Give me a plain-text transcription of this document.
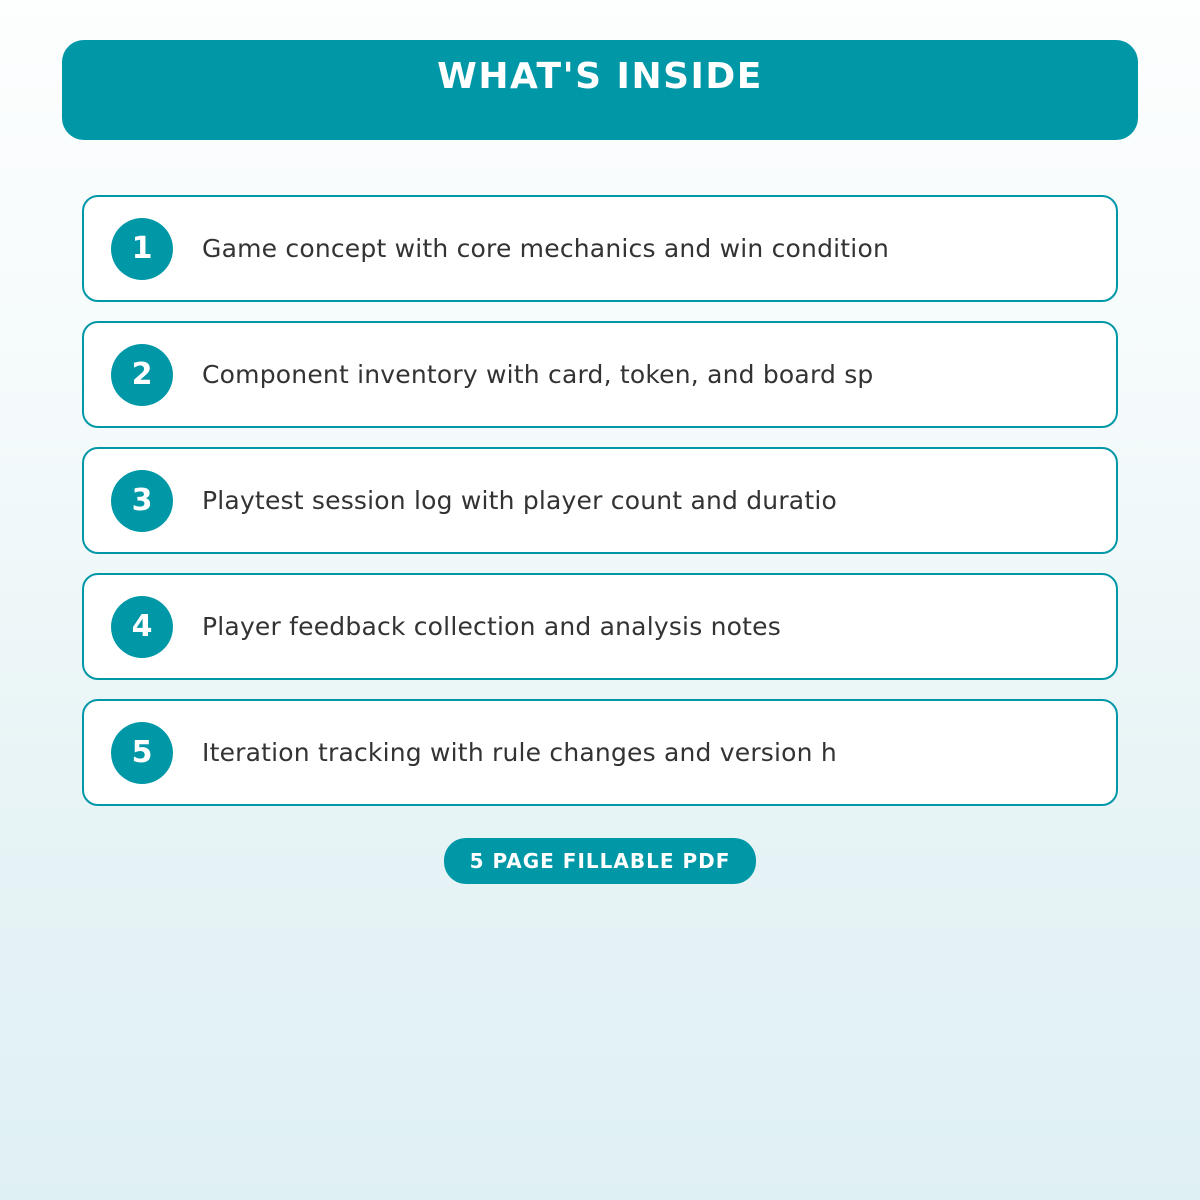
WHAT'S INSIDE
1	Game concept with core mechanics and win condition
2	Component inventory with card, token, and board sp
3	Playtest session log with player count and duratio
4	Player feedback collection and analysis notes
5	Iteration tracking with rule changes and version h
5 PAGE FILLABLE PDF
